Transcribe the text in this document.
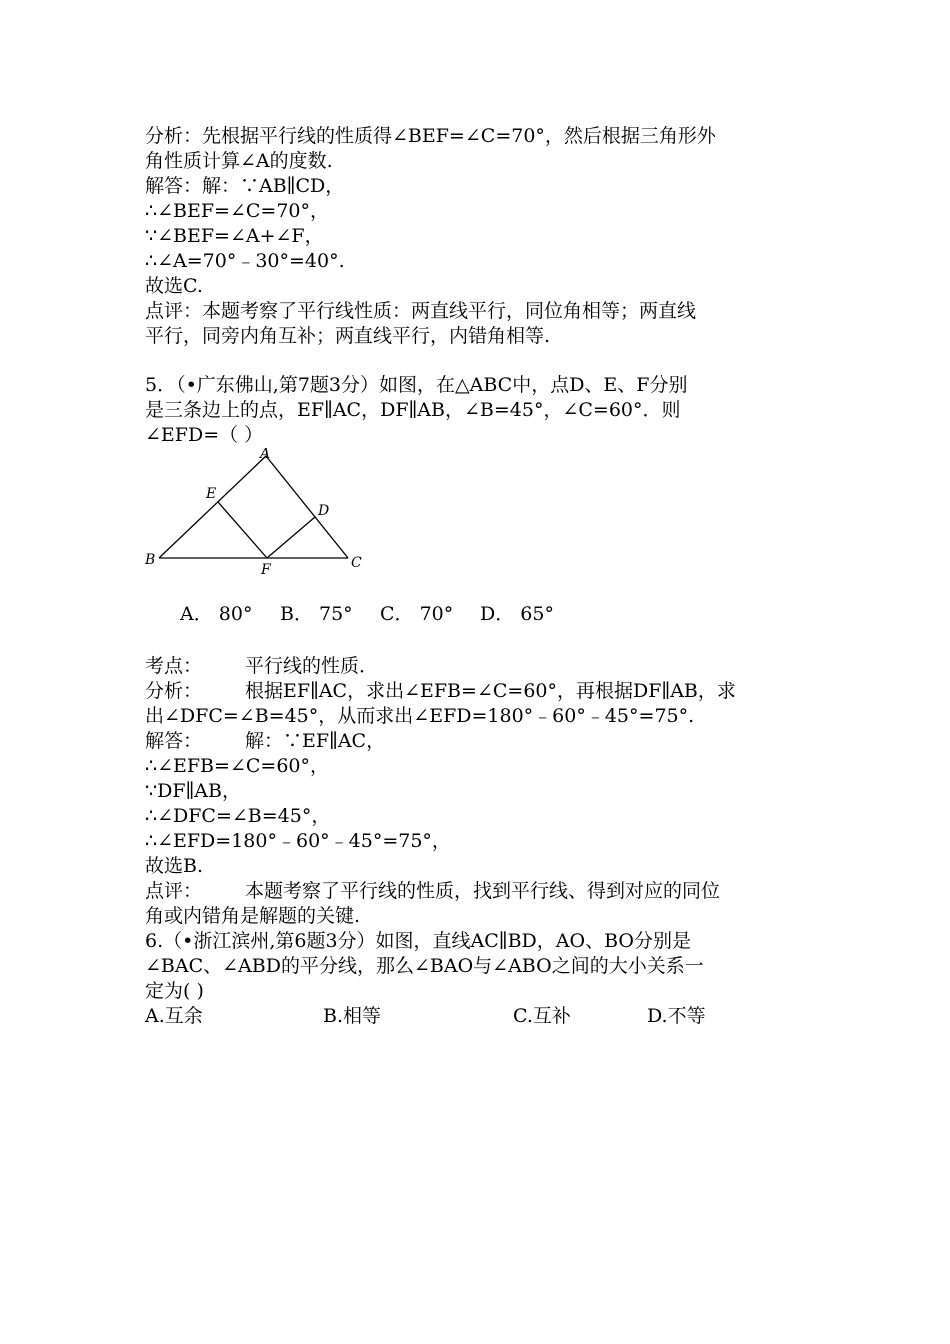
分析：先根据平行线的性质得∠BEF=∠C=70°，然后根据三角形外
角性质计算∠A的度数.
解答：解：∵AB∥CD，
∴∠BEF=∠C=70°，
∵∠BEF=∠A+∠F，
∴∠A=70°﹣30°=40°.
故选C.
点评：本题考察了平行线性质：两直线平行，同位角相等；两直线
平行，同旁内角互补；两直线平行，内错角相等.
5．（•广东佛山,第7题3分）如图，在△ABC中，点D、E、F分别
是三条边上的点，EF∥AC，DF∥AB，∠B=45°，∠C=60°．则
∠EFD=（ ）
A
B	C
D
E
F
A． 80°	B． 75°	C． 70°	D． 65°
考点： 平行线的性质．
分析： 根据EF∥AC，求出∠EFB=∠C=60°，再根据DF∥AB，求
出∠DFC=∠B=45°，从而求出∠EFD=180°﹣60°﹣45°=75°.
解答： 解：∵EF∥AC，
∴∠EFB=∠C=60°，
∵DF∥AB，
∴∠DFC=∠B=45°，
∴∠EFD=180°﹣60°﹣45°=75°，
故选B.
点评： 本题考察了平行线的性质，找到平行线、得到对应的同位
角或内错角是解题的关键.
6.（•浙江滨州,第6题3分）如图，直线AC∥BD，AO、BO分别是
∠BAC、∠ABD的平分线，那么∠BAO与∠ABO之间的大小关系一
定为( )
A.互余	B.相等	C.互补	D.不等
